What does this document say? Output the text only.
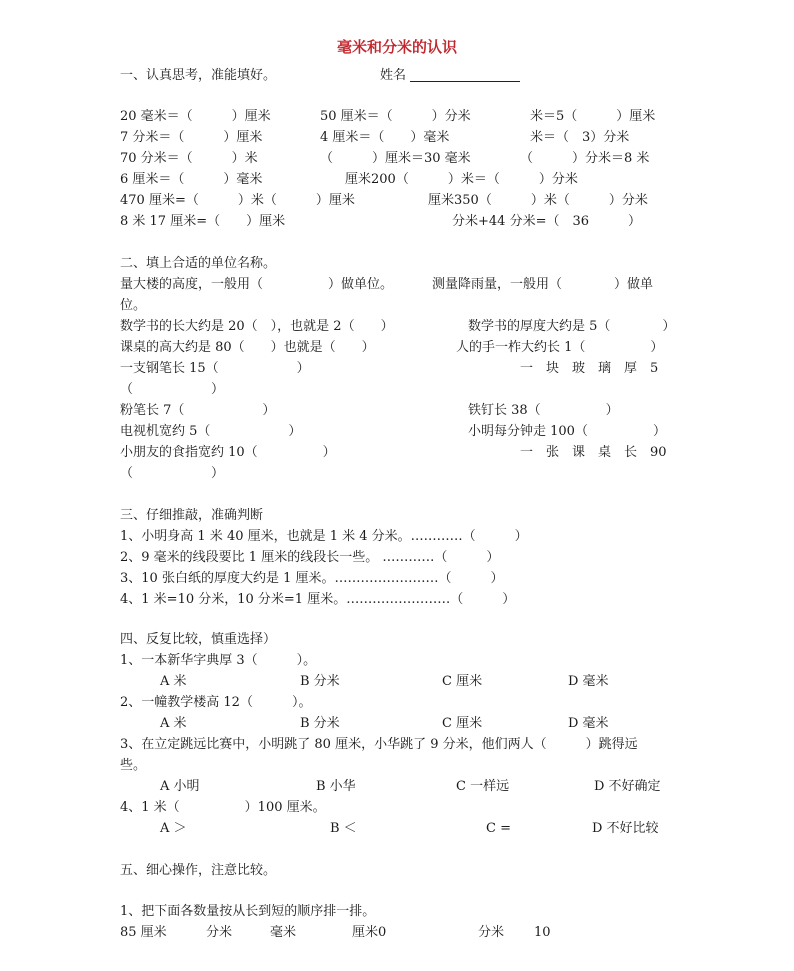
毫米和分米的认识
一、认真思考，准能填好。	姓名
20 毫米＝（　　　）厘米	50 厘米＝（　　　）分米	米＝5（　　　）厘米
7 分米＝（　　　）厘米	4 厘米＝（　　）毫米	米＝（　3）分米
70 分米＝（　　　）米	（　　　）厘米＝30 毫米	（　　　）分米＝8 米
6 厘米＝（　　　）毫米	厘米200（　　　）米＝（　　　）分米
470 厘米=（　　　）米（　　　）厘米	厘米350（　　　）米（　　　）分米
8 米 17 厘米=（　　）厘米	分米+44 分米=（　36　　　）
二、填上合适的单位名称。
量大楼的高度，一般用（　　　　　）做单位。	测量降雨量，一般用（　　　　）做单
位。
数学书的长大约是 20（　），也就是 2（　　）	数学书的厚度大约是 5（　　　　）
课桌的高大约是 80（　　）也就是（　　）	人的手一柞大约长 1（　　　　　）
一支钢笔长 15（　　　　　　）	一　块　玻　璃　厚　5
（　　　　　　）
粉笔长 7（　　　　　　）	铁钉长 38（　　　　　）
电视机宽约 5（　　　　　　）	小明每分钟走 100（　　　　　）
小朋友的食指宽约 10（　　　　　）	一　张　课　桌　长　90
（　　　　　　）
三、仔细推敲，准确判断
1、小明身高 1 米 40 厘米，也就是 1 米 4 分米。…………（　　　）
2、9 毫米的线段要比 1 厘米的线段长一些。 …………（　　　）
3、10 张白纸的厚度大约是 1 厘米。……………………（　　　）
4、1 米=10 分米，10 分米=1 厘米。……………………（　　　）
四、反复比较，慎重选择）
1、一本新华字典厚 3（　　　）。
A 米	B 分米	C 厘米	D 毫米
2、一幢教学楼高 12（　　　）。
A 米	B 分米	C 厘米	D 毫米
3、在立定跳远比赛中，小明跳了 80 厘米，小华跳了 9 分米，他们两人（　　　）跳得远
些。
A 小明	B 小华	C 一样远	D 不好确定
4、1 米（　　　　　）100 厘米。
A ＞	B ＜	C =	D 不好比较
五、细心操作，注意比较。
1、把下面各数量按从长到短的顺序排一排。
85 厘米	分米	毫米	厘米0	分米 10
